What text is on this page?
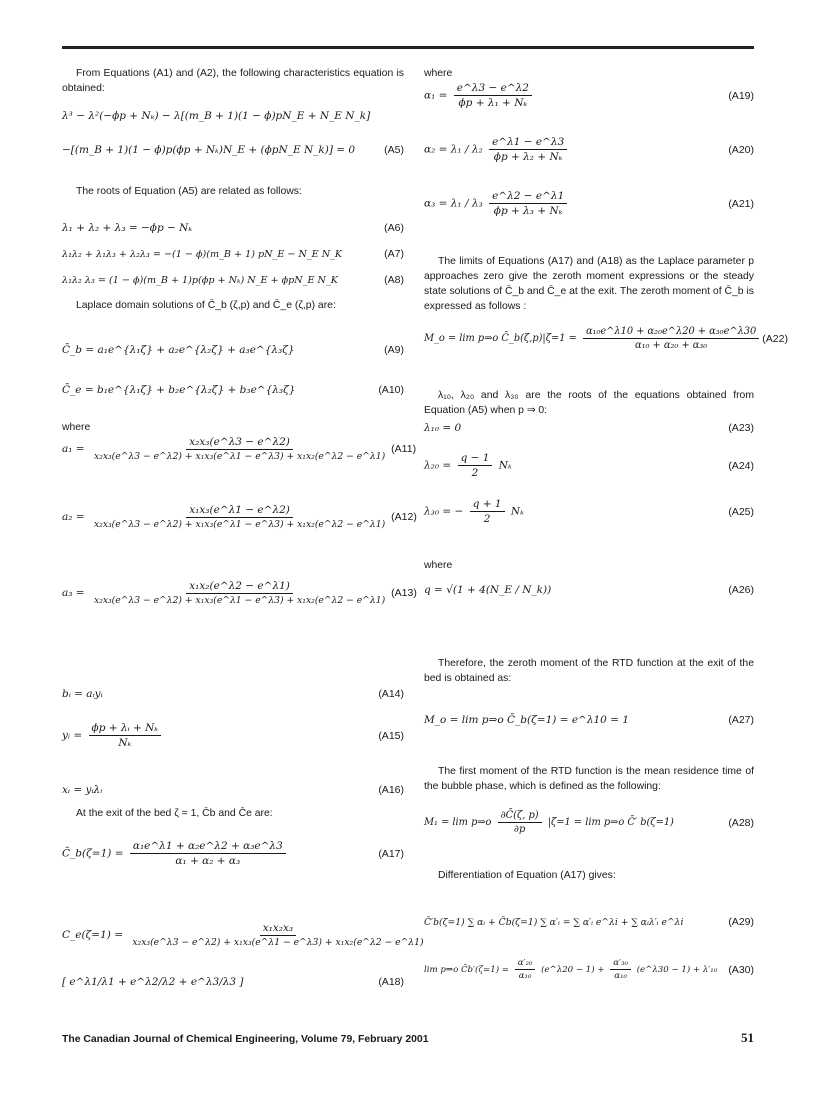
From Equations (A1) and (A2), the following characteristics equation is obtained:
λ³ − λ²(−ϕp + Nₖ) − λ[(m_B + 1)(1 − ϕ)pN_E + N_E N_k]
−[(m_B + 1)(1 − ϕ)p(ϕp + Nₖ)N_E + (ϕpN_E N_k)] = 0	(A5)
The roots of Equation (A5) are related as follows:
λ₁ + λ₂ + λ₃ = −ϕp − Nₖ	(A6)
λ₁λ₂ + λ₁λ₃ + λ₂λ₃ = −(1 − ϕ)(m_B + 1) pN_E − N_E N_K	(A7)
λ₁λ₂ λ₃ = (1 − ϕ)(m_B + 1)p(ϕp + Nₖ) N_E + ϕpN_E N_K	(A8)
Laplace domain solutions of C̄_b (ζ,p) and C̄_e (ζ,p) are:
C̄_b = a₁e^{λ₁ζ} + a₂e^{λ₂ζ} + a₃e^{λ₃ζ}	(A9)
C̄_e = b₁e^{λ₁ζ} + b₂e^{λ₂ζ} + b₃e^{λ₃ζ}	(A10)
where
$a_1 = \frac{\text{x₂x₃(e\textasciicircum{}λ3 − e\textasciicircum{}λ2)}}{\text{x₂x₃(e\textasciicircum{}λ3 − e\textasciicircum{}λ2) + x₁x₃(e\textasciicircum{}λ1 − e\textasciicircum{}λ3) + x₁x₂(e\textasciicircum{}λ2 − e\textasciicircum{}λ1)}} (A11)$
$a_2 = \frac{\text{x₁x₃(e\textasciicircum{}λ1 − e\textasciicircum{}λ2)}}{\text{x₂x₃(e\textasciicircum{}λ3 − e\textasciicircum{}λ2) + x₁x₃(e\textasciicircum{}λ1 − e\textasciicircum{}λ3) + x₁x₂(e\textasciicircum{}λ2 − e\textasciicircum{}λ1)}} (A12)$
$a_3 = \frac{\text{x₁x₂(e\textasciicircum{}λ2 − e\textasciicircum{}λ1)}}{\text{x₂x₃(e\textasciicircum{}λ3 − e\textasciicircum{}λ2) + x₁x₃(e\textasciicircum{}λ1 − e\textasciicircum{}λ3) + x₁x₂(e\textasciicircum{}λ2 − e\textasciicircum{}λ1)}} (A13)$
bᵢ = aᵢyᵢ	(A14)
yᵢ = $\frac{\text{ϕp + λᵢ + Nₖ}}{\text{Nₖ}}$	(A15)
xᵢ = yᵢλᵢ	(A16)
At the exit of the bed ζ = 1, C̄b and C̄e are:
C̄_b(ζ=1) = $\frac{\text{α₁e\textasciicircum{}λ1 + α₂e\textasciicircum{}λ2 + α₃e\textasciicircum{}λ3}}{\text{α₁ + α₂ + α₃}}$	(A17)
C_e(ζ=1) = $\frac{\text{x₁x₂x₃}}{\text{x₂x₃(e\textasciicircum{}λ3 − e\textasciicircum{}λ2) + x₁x₃(e\textasciicircum{}λ1 − e\textasciicircum{}λ3) + x₁x₂(e\textasciicircum{}λ2 − e\textasciicircum{}λ1)}}$
[ e^λ1/λ1 + e^λ2/λ2 + e^λ3/λ3 ]	(A18)
where
$\alpha_1 = \frac{e\^{}\lambda 3 - e\^{}\lambda 2}{\text{ϕp + λ₁ + Nₖ}}$	(A19)
$\alpha_2 = \lambda_1 / \lambda_2 \frac{e\^{}\lambda 1 - e\^{}\lambda 3}{\text{ϕp + λ₂ + Nₖ}}$	(A20)
$\alpha_3 = \lambda_1 / \lambda_3 \frac{e\^{}\lambda 2 - e\^{}\lambda 1}{\text{ϕp + λ₃ + Nₖ}}$	(A21)
The limits of Equations (A17) and (A18) as the Laplace parameter p approaches zero give the zeroth moment expressions or the steady state solutions of C̄_b and C̄_e at the exit. The zeroth moment of C̄_b is expressed as follows :
M_o = lim p⇒o C̄_b(ζ,p)|ζ=1 = $\frac{\text{α₁₀e\textasciicircum{}λ10 + α₂₀e\textasciicircum{}λ20 + α₃₀e\textasciicircum{}λ30}}{\text{α₁₀ + α₂₀ + α₃₀}} (A22)$
λ₁₀, λ₂₀ and λ₃₀ are the roots of the equations obtained from Equation (A5) when p ⇒ 0:
λ₁₀ = 0	(A23)
$\lambda_{20} = \frac{q - 1}{2}$ Nₖ	(A24)
λ₃₀ = − $\frac{q + 1}{2}$ Nₖ	(A25)
where
q = √(1 + 4(N_E / N_k))	(A26)
Therefore, the zeroth moment of the RTD function at the exit of the bed is obtained as:
M_o = lim p⇒o C̄_b(ζ=1) = e^λ10 = 1	(A27)
The first moment of the RTD function is the mean residence time of the bubble phase, which is defined as the following:
M₁ = lim p⇒o $\frac{\partial C̄(\zeta, p)}{\partial p} |\zeta=1 = \lim$ p⇒o C̄′ b(ζ=1)	(A28)
Differentiation of Equation (A17) gives:
C̄′b(ζ=1) ∑ αᵢ + C̄b(ζ=1) ∑ α′ᵢ = ∑ α′ᵢ e^λi + ∑ αᵢλ′ᵢ e^λi	(A29)
lim p⇒o C̄b′(ζ=1) = $\frac{\text{α′₂₀}}{\text{α₁₀}}$ (e^λ20 − $1) + \frac{\text{α′₃₀}}{\text{α₁₀}}$ (e^λ30 − 1) + λ′₁₀ (A30)
The Canadian Journal of Chemical Engineering, Volume 79, February 2001	51
